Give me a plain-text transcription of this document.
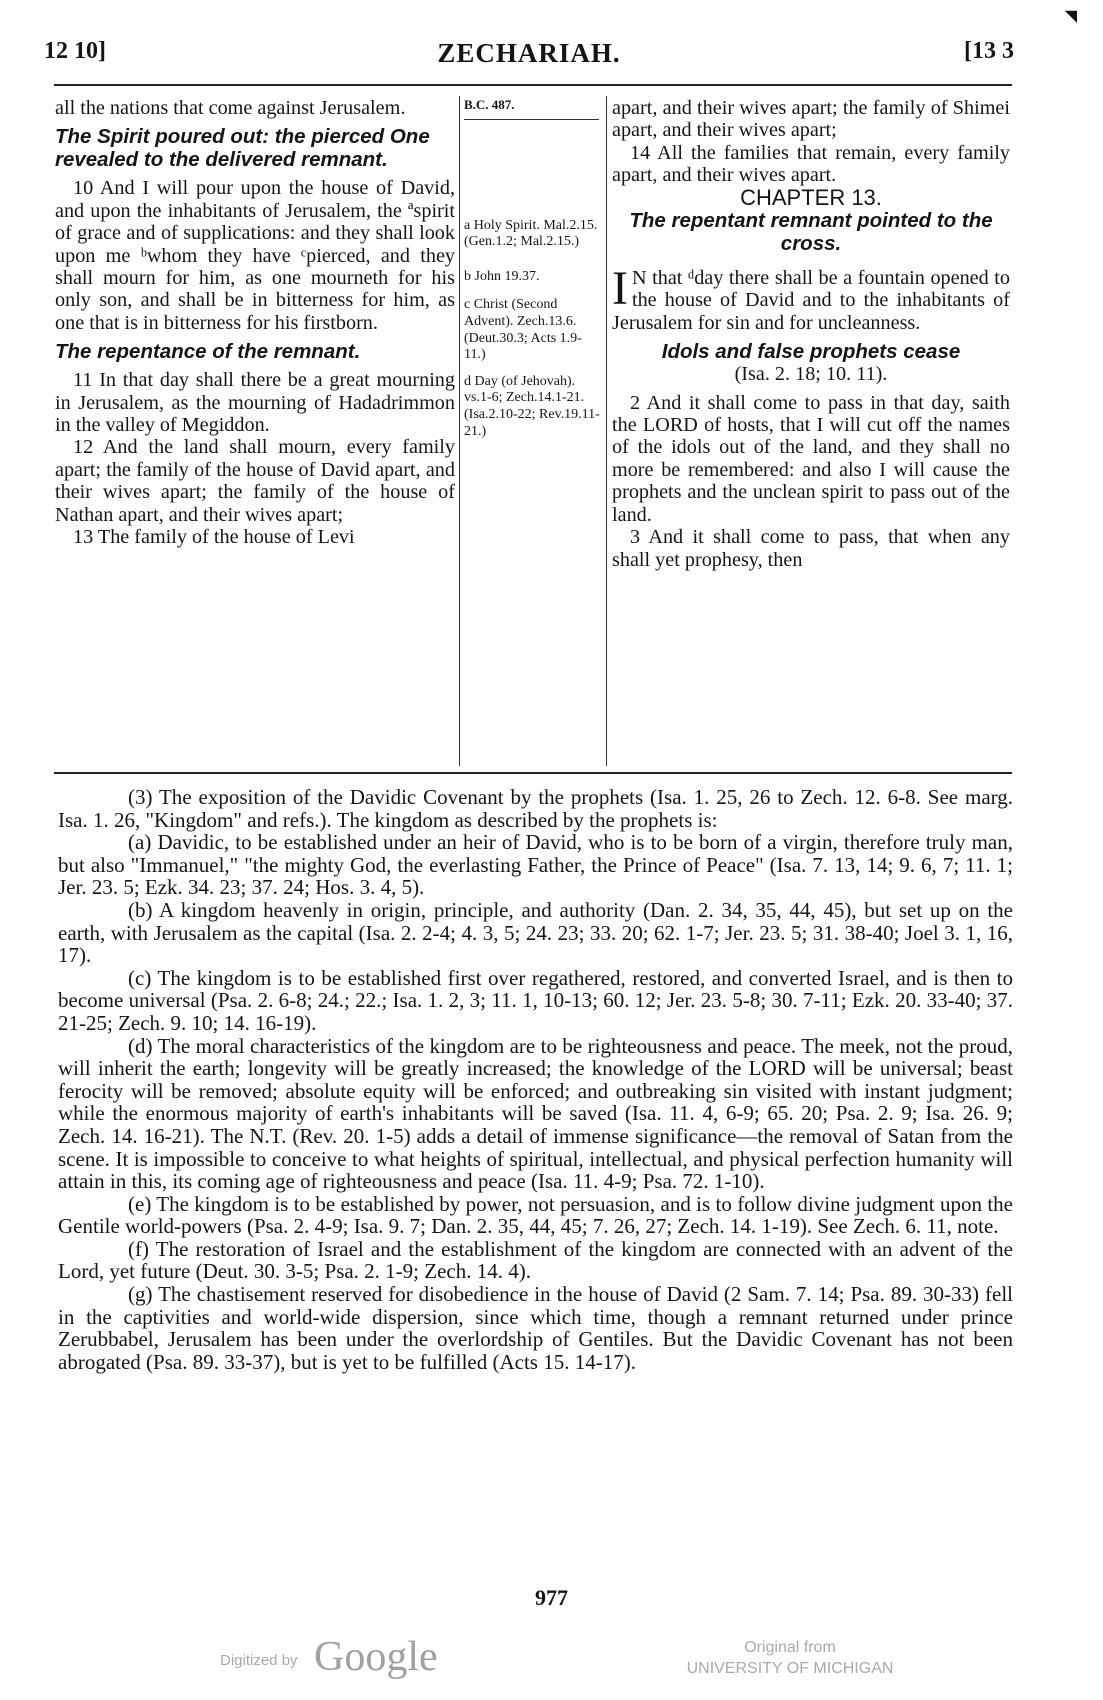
12 10]	ZECHARIAH.	[13 3
◥

all the nations that come against Jerusalem.

The Spirit poured out: the pierced One revealed to the delivered remnant.

10 And I will pour upon the house of David, and upon the inhabitants of Jerusalem, the ªspirit of grace and of supplications: and they shall look upon me ᵇwhom they have ᶜpierced, and they shall mourn for him, as one mourneth for his only son, and shall be in bitterness for him, as one that is in bitterness for his firstborn.

The repentance of the remnant.

11 In that day shall there be a great mourning in Jerusalem, as the mourning of Hadadrimmon in the valley of Megiddon.

12 And the land shall mourn, every family apart; the family of the house of David apart, and their wives apart; the family of the house of Nathan apart, and their wives apart;

13 The family of the house of Levi

B.C. 487.

a Holy Spirit. Mal.2.15. (Gen.1.2; Mal.2.15.)

b John 19.37.

c Christ (Second Advent). Zech.13.6. (Deut.30.3; Acts 1.9-11.)

d Day (of Jehovah). vs.1-6; Zech.14.1-21. (Isa.2.10-22; Rev.19.11-21.)

apart, and their wives apart; the family of Shimei apart, and their wives apart;

14 All the families that remain, every family apart, and their wives apart.

CHAPTER 13.

The repentant remnant pointed to the cross.

I N that ᵈday there shall be a fountain opened to the house of David and to the inhabitants of Jerusalem for sin and for uncleanness.

Idols and false prophets cease

(Isa. 2. 18; 10. 11).

2 And it shall come to pass in that day, saith the LORD of hosts, that I will cut off the names of the idols out of the land, and they shall no more be remembered: and also I will cause the prophets and the unclean spirit to pass out of the land.

3 And it shall come to pass, that when any shall yet prophesy, then

(3) The exposition of the Davidic Covenant by the prophets (Isa. 1. 25, 26 to Zech. 12. 6-8. See marg. Isa. 1. 26, "Kingdom" and refs.). The kingdom as described by the prophets is:

(a) Davidic, to be established under an heir of David, who is to be born of a virgin, therefore truly man, but also "Immanuel," "the mighty God, the everlasting Father, the Prince of Peace" (Isa. 7. 13, 14; 9. 6, 7; 11. 1; Jer. 23. 5; Ezk. 34. 23; 37. 24; Hos. 3. 4, 5).

(b) A kingdom heavenly in origin, principle, and authority (Dan. 2. 34, 35, 44, 45), but set up on the earth, with Jerusalem as the capital (Isa. 2. 2-4; 4. 3, 5; 24. 23; 33. 20; 62. 1-7; Jer. 23. 5; 31. 38-40; Joel 3. 1, 16, 17).

(c) The kingdom is to be established first over regathered, restored, and converted Israel, and is then to become universal (Psa. 2. 6-8; 24.; 22.; Isa. 1. 2, 3; 11. 1, 10-13; 60. 12; Jer. 23. 5-8; 30. 7-11; Ezk. 20. 33-40; 37. 21-25; Zech. 9. 10; 14. 16-19).

(d) The moral characteristics of the kingdom are to be righteousness and peace. The meek, not the proud, will inherit the earth; longevity will be greatly increased; the knowledge of the LORD will be universal; beast ferocity will be removed; absolute equity will be enforced; and outbreaking sin visited with instant judgment; while the enormous majority of earth's inhabitants will be saved (Isa. 11. 4, 6-9; 65. 20; Psa. 2. 9; Isa. 26. 9; Zech. 14. 16-21). The N.T. (Rev. 20. 1-5) adds a detail of immense significance—the removal of Satan from the scene. It is impossible to conceive to what heights of spiritual, intellectual, and physical perfection humanity will attain in this, its coming age of righteousness and peace (Isa. 11. 4-9; Psa. 72. 1-10).

(e) The kingdom is to be established by power, not persuasion, and is to follow divine judgment upon the Gentile world-powers (Psa. 2. 4-9; Isa. 9. 7; Dan. 2. 35, 44, 45; 7. 26, 27; Zech. 14. 1-19). See Zech. 6. 11, note.

(f) The restoration of Israel and the establishment of the kingdom are connected with an advent of the Lord, yet future (Deut. 30. 3-5; Psa. 2. 1-9; Zech. 14. 4).

(g) The chastisement reserved for disobedience in the house of David (2 Sam. 7. 14; Psa. 89. 30-33) fell in the captivities and world-wide dispersion, since which time, though a remnant returned under prince Zerubbabel, Jerusalem has been under the overlordship of Gentiles. But the Davidic Covenant has not been abrogated (Psa. 89. 33-37), but is yet to be fulfilled (Acts 15. 14-17).

977
Digitized by Google	Original from
UNIVERSITY OF MICHIGAN
